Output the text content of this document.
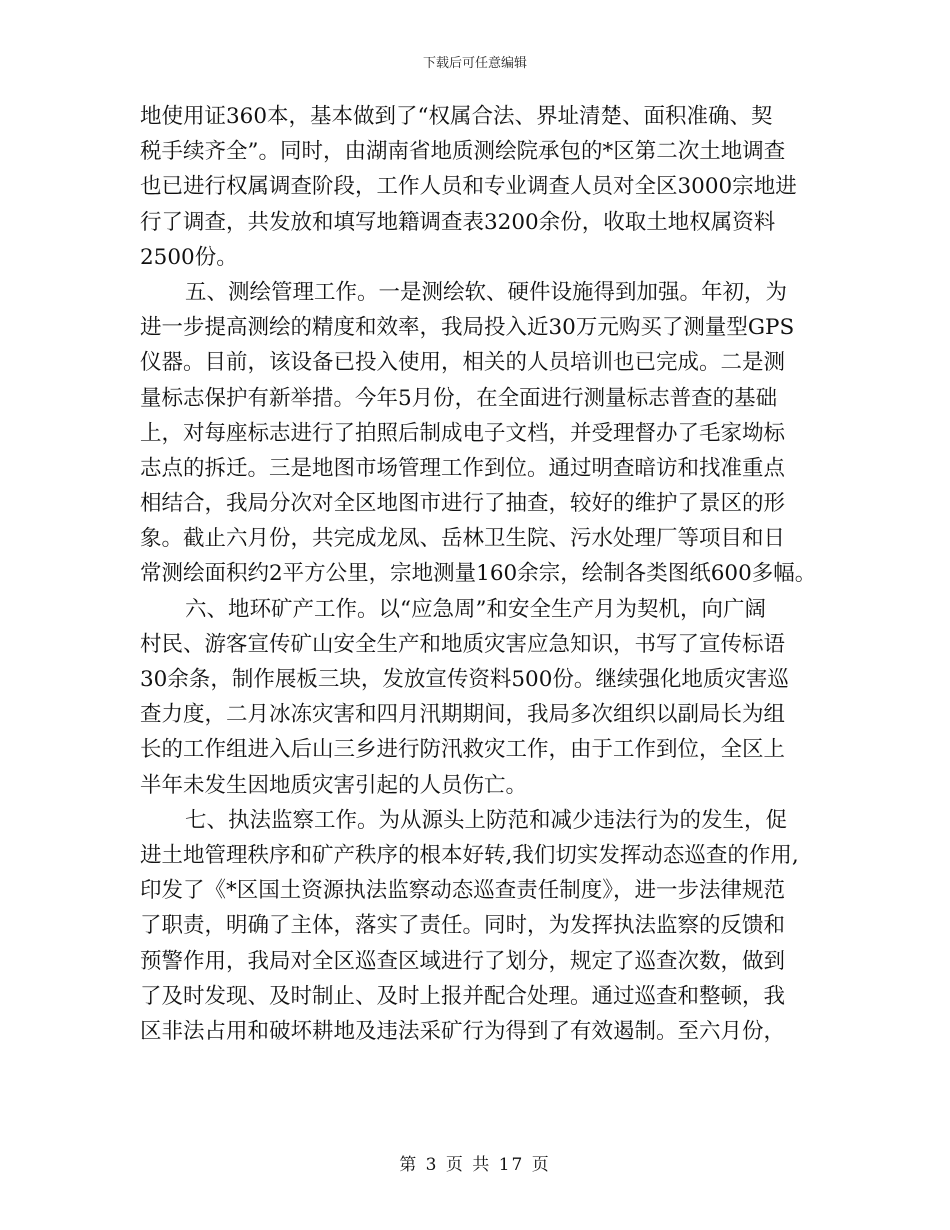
下载后可任意编辑
地使用证360本，基本做到了“权属合法、界址清楚、面积准确、契
税手续齐全”。同时，由湖南省地质测绘院承包的*区第二次土地调查
也已进行权属调查阶段，工作人员和专业调查人员对全区3000宗地进
行了调查，共发放和填写地籍调查表3200余份，收取土地权属资料
2500份。
五、测绘管理工作。一是测绘软、硬件设施得到加强。年初，为
进一步提高测绘的精度和效率，我局投入近30万元购买了测量型GPS
仪器。目前，该设备已投入使用，相关的人员培训也已完成。二是测
量标志保护有新举措。今年5月份，在全面进行测量标志普查的基础
上，对每座标志进行了拍照后制成电子文档，并受理督办了毛家坳标
志点的拆迁。三是地图市场管理工作到位。通过明查暗访和找准重点
相结合，我局分次对全区地图市进行了抽查，较好的维护了景区的形
象。截止六月份，共完成龙凤、岳林卫生院、污水处理厂等项目和日
常测绘面积约2平方公里，宗地测量160余宗，绘制各类图纸600多幅。
六、地环矿产工作。以“应急周”和安全生产月为契机，向广阔
村民、游客宣传矿山安全生产和地质灾害应急知识，书写了宣传标语
30余条，制作展板三块，发放宣传资料500份。继续强化地质灾害巡
查力度，二月冰冻灾害和四月汛期期间，我局多次组织以副局长为组
长的工作组进入后山三乡进行防汛救灾工作，由于工作到位，全区上
半年未发生因地质灾害引起的人员伤亡。
七、执法监察工作。为从源头上防范和减少违法行为的发生，促
进土地管理秩序和矿产秩序的根本好转,我们切实发挥动态巡查的作用,
印发了《*区国土资源执法监察动态巡查责任制度》，进一步法律规范
了职责，明确了主体，落实了责任。同时，为发挥执法监察的反馈和
预警作用，我局对全区巡查区域进行了划分，规定了巡查次数，做到
了及时发现、及时制止、及时上报并配合处理。通过巡查和整顿，我
区非法占用和破坏耕地及违法采矿行为得到了有效遏制。至六月份，
第 3 页 共 17 页
